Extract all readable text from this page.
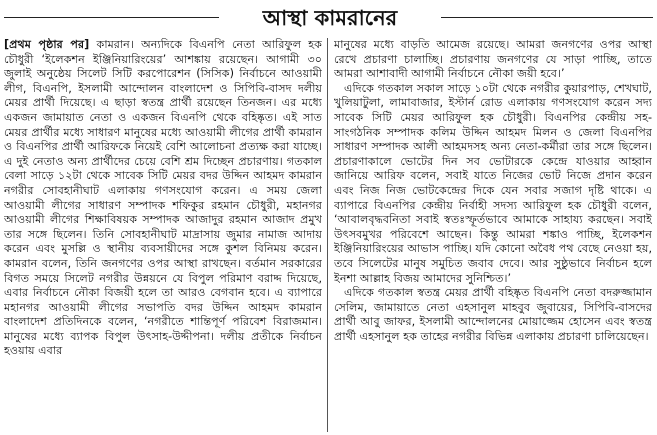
আস্থা কামরানের

[প্রথম পৃষ্ঠার পর] কামরান। অন্যদিকে বিএনপি নেতা আরিফুল হক চৌধুরী ‘ইলেকশন ইঞ্জিনিয়ারিংয়ের’ আশঙ্কায় রয়েছেন। আগামী ৩০ জুলাই অনুষ্ঠেয় সিলেট সিটি করপোরেশন (সিসিক) নির্বাচনে আওয়ামী লীগ, বিএনপি, ইসলামী আন্দোলন বাংলাদেশ ও সিপিবি-বাসদ দলীয় মেয়র প্রার্থী দিয়েছে। এ ছাড়া স্বতন্ত্র প্রার্থী রয়েছেন তিনজন। এর মধ্যে একজন জামায়াত নেতা ও একজন বিএনপি থেকে বহিষ্কৃত। এই সাত মেয়র প্রার্থীর মধ্যে সাধারণ মানুষের মধ্যে আওয়ামী লীগের প্রার্থী কামরান ও বিএনপির প্রার্থী আরিফকে নিয়েই বেশি আলোচনা প্রত্যক্ষ করা যাচ্ছে। এ দুই নেতাও অন্য প্রার্থীদের চেয়ে বেশি শ্রম দিচ্ছেন প্রচারণায়। গতকাল বেলা সাড়ে ১২টা থেকে সাবেক সিটি মেয়র বদর উদ্দিন আহমদ কামরান নগরীর সোবহানীঘাট এলাকায় গণসংযোগ করেন। এ সময় জেলা আওয়ামী লীগের সাধারণ সম্পাদক শফিকুর রহমান চৌধুরী, মহানগর আওয়ামী লীগের শিক্ষাবিষয়ক সম্পাদক আজাদুর রহমান আজাদ প্রমুখ তার সঙ্গে ছিলেন। তিনি সোবহানীঘাট মাদ্রাসায় জুমার নামাজ আদায় করেন এবং মুসল্লি ও স্থানীয় ব্যবসায়ীদের সঙ্গে কুশল বিনিময় করেন। কামরান বলেন, তিনি জনগণের ওপর আস্থা রাখছেন। বর্তমান সরকারের বিগত সময়ে সিলেট নগরীর উন্নয়নে যে বিপুল পরিমাণ বরাদ্দ দিয়েছে, এবার নির্বাচনে নৌকা বিজয়ী হলে তা আরও বেগবান হবে। এ ব্যাপারে মহানগর আওয়ামী লীগের সভাপতি বদর উদ্দিন আহমদ কামরান বাংলাদেশ প্রতিদিনকে বলেন, ‘নগরীতে শান্তিপূর্ণ পরিবেশ বিরাজমান। মানুষের মধ্যে ব্যাপক বিপুল উৎসাহ-উদ্দীপনা। দলীয় প্রতীকে নির্বাচন হওয়ায় এবার

মানুষের মধ্যে বাড়তি আমেজ রয়েছে। আমরা জনগণের ওপর আস্থা রেখে প্রচারণা চালাচ্ছি। প্রচারণায় জনগণের যে সাড়া পাচ্ছি, তাতে আমরা আশাবাদী আগামী নির্বাচনে নৌকা জয়ী হবে।’

এদিকে গতকাল সকাল সাড়ে ১০টা থেকে নগরীর কুয়ারপাড়, শেখঘাট, খুলিয়াটুলা, লামাবাজার, ইস্টার্ন রোড এলাকায় গণসংযোগ করেন সদ্য সাবেক সিটি মেয়র আরিফুল হক চৌধুরী। বিএনপির কেন্দ্রীয় সহ-সাংগঠনিক সম্পাদক কলিম উদ্দিন আহমদ মিলন ও জেলা বিএনপির সাধারণ সম্পাদক আলী আহমদসহ অন্য নেতা-কর্মীরা তার সঙ্গে ছিলেন। প্রচারণাকালে ভোটের দিন সব ভোটারকে কেন্দ্রে যাওয়ার আহ্বান জানিয়ে আরিফ বলেন, সবাই যাতে নিজের ভোট নিজে প্রদান করেন এবং নিজ নিজ ভোটকেন্দ্রের দিকে যেন সবার সজাগ দৃষ্টি থাকে। এ ব্যাপারে বিএনপির কেন্দ্রীয় নির্বাহী সদস্য আরিফুল হক চৌধুরী বলেন, ‘আবালবৃদ্ধবনিতা সবাই স্বতঃস্ফূর্তভাবে আমাকে সাহায্য করছেন। সবাই উৎসবমুখর পরিবেশে আছেন। কিন্তু আমরা শঙ্কাও পাচ্ছি, ইলেকশন ইঞ্জিনিয়ারিংয়ের আভাস পাচ্ছি। যদি কোনো অবৈধ পথ বেছে নেওয়া হয়, তবে সিলেটের মানুষ সমুচিত জবাব দেবে। আর সুষ্ঠুভাবে নির্বাচন হলে ইনশা আল্লাহ বিজয় আমাদের সুনিশ্চিত।’

এদিকে গতকাল স্বতন্ত্র মেয়র প্রার্থী বহিষ্কৃত বিএনপি নেতা বদরুজ্জামান সেলিম, জামায়াতে নেতা এহসানুল মাহবুব জুবায়ের, সিপিবি-বাসদের প্রার্থী আবু জাফর, ইসলামী আন্দোলনের মোয়াজ্জেম হোসেন এবং স্বতন্ত্র প্রার্থী এহসানুল হক তাহের নগরীর বিভিন্ন এলাকায় প্রচারণা চালিয়েছেন।
